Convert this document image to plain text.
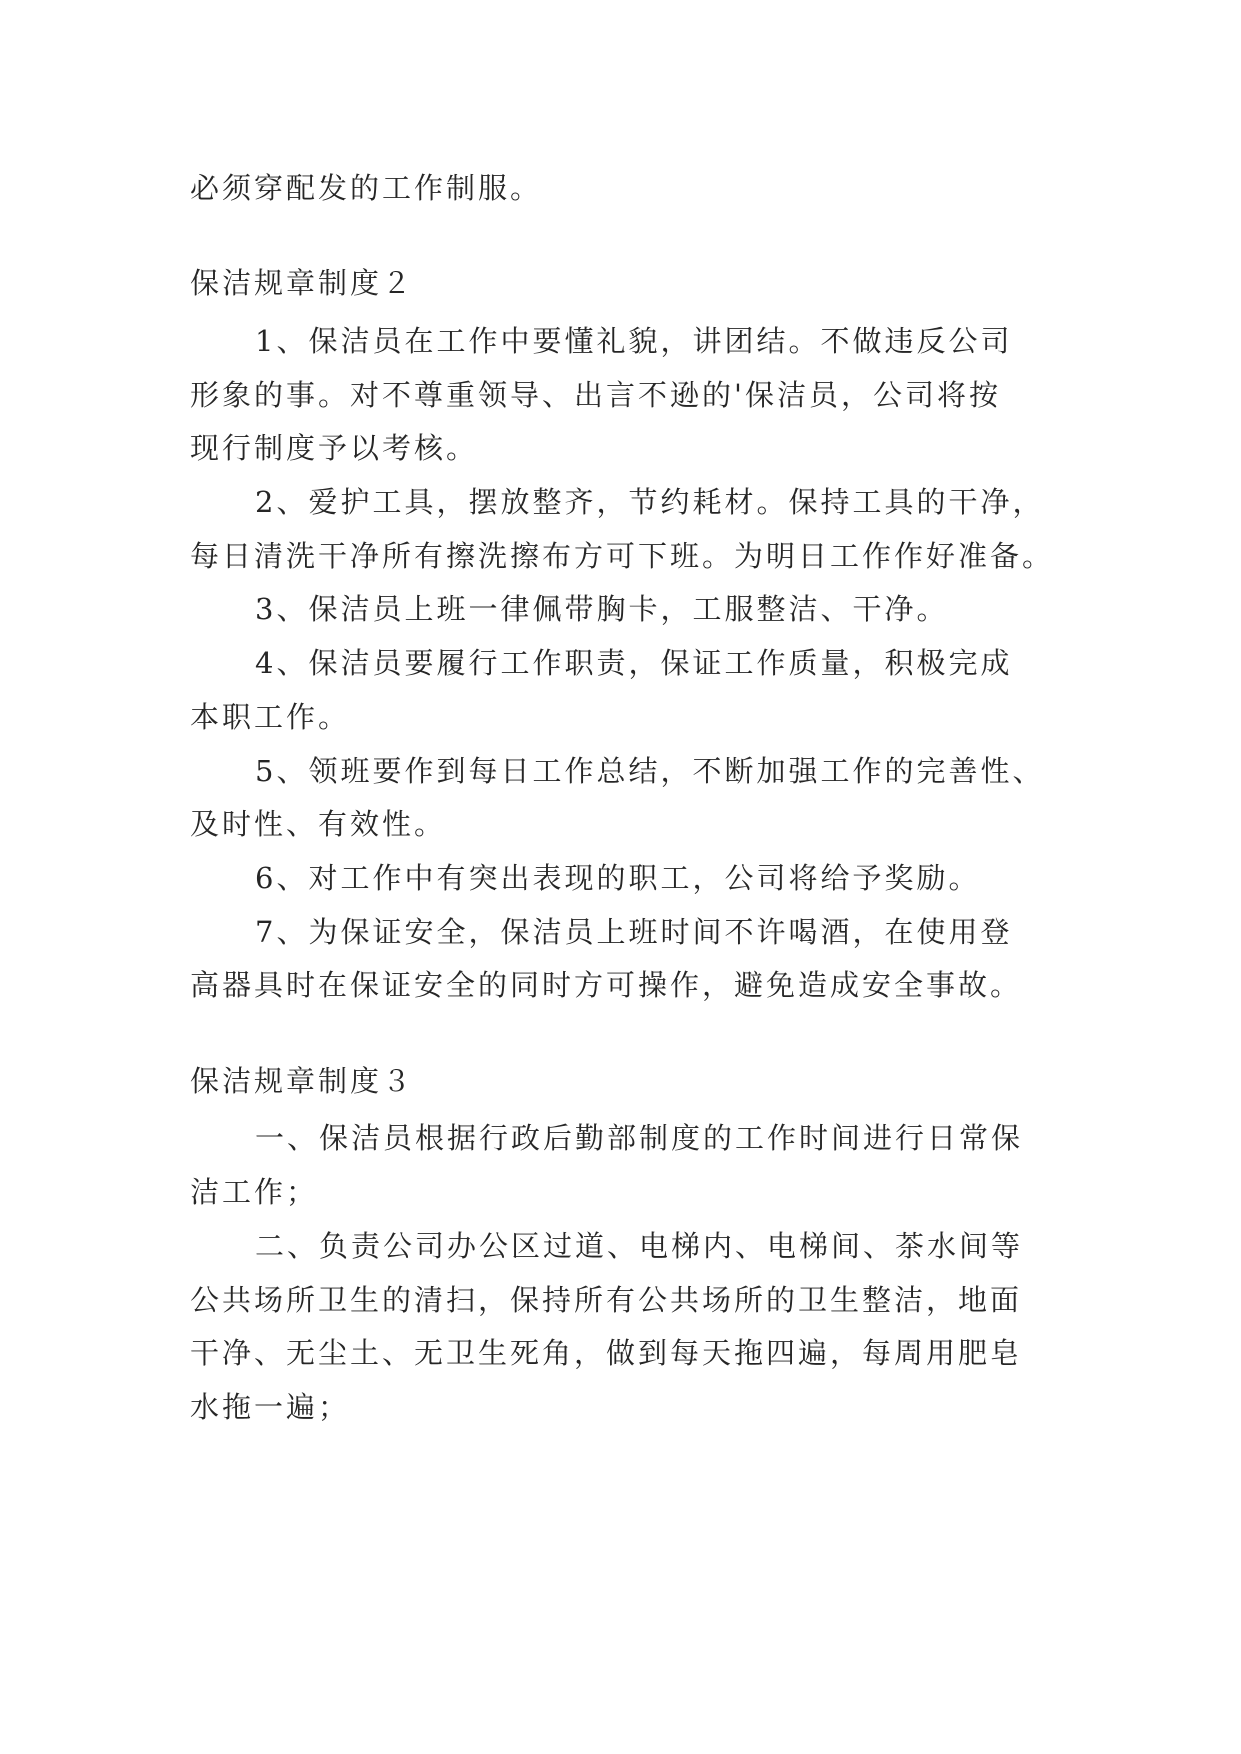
必须穿配发的工作制服。
保洁规章制度２
1、保洁员在工作中要懂礼貌，讲团结。不做违反公司
形象的事。对不尊重领导、出言不逊的'保洁员，公司将按
现行制度予以考核。
2、爱护工具，摆放整齐，节约耗材。保持工具的干净，
每日清洗干净所有擦洗擦布方可下班。为明日工作作好准备。
3、保洁员上班一律佩带胸卡，工服整洁、干净。
4、保洁员要履行工作职责，保证工作质量，积极完成
本职工作。
5、领班要作到每日工作总结，不断加强工作的完善性、
及时性、有效性。
6、对工作中有突出表现的职工，公司将给予奖励。
7、为保证安全，保洁员上班时间不许喝酒，在使用登
高器具时在保证安全的同时方可操作，避免造成安全事故。
保洁规章制度３
一、保洁员根据行政后勤部制度的工作时间进行日常保
洁工作；
二、负责公司办公区过道、电梯内、电梯间、茶水间等
公共场所卫生的清扫，保持所有公共场所的卫生整洁，地面
干净、无尘土、无卫生死角，做到每天拖四遍，每周用肥皂
水拖一遍；
